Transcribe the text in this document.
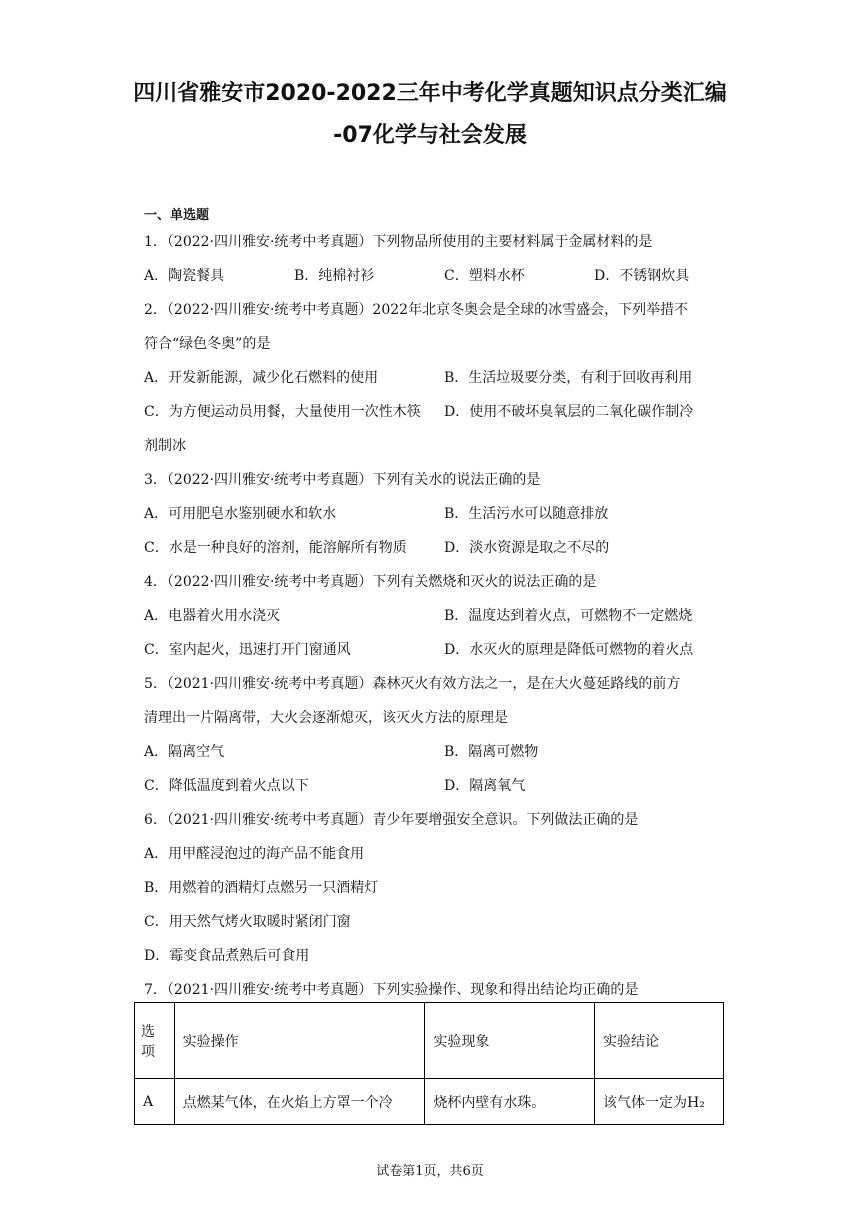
四川省雅安市2020-2022三年中考化学真题知识点分类汇编
-07化学与社会发展
一、单选题
1．（2022·四川雅安·统考中考真题）下列物品所使用的主要材料属于金属材料的是
A．陶瓷餐具	B．纯棉衬衫	C．塑料水杯	D．不锈钢炊具
2．（2022·四川雅安·统考中考真题）2022年北京冬奥会是全球的冰雪盛会，下列举措不
符合“绿色冬奥”的是
A．开发新能源，减少化石燃料的使用	B．生活垃圾要分类，有利于回收再利用
C．为方便运动员用餐，大量使用一次性木筷 D．使用不破坏臭氧层的二氧化碳作制冷
剂制冰
3．（2022·四川雅安·统考中考真题）下列有关水的说法正确的是
A．可用肥皂水鉴别硬水和软水	B．生活污水可以随意排放
C．水是一种良好的溶剂，能溶解所有物质	D．淡水资源是取之不尽的
4．（2022·四川雅安·统考中考真题）下列有关燃烧和灭火的说法正确的是
A．电器着火用水浇灭	B．温度达到着火点，可燃物不一定燃烧
C．室内起火，迅速打开门窗通风	D．水灭火的原理是降低可燃物的着火点
5．（2021·四川雅安·统考中考真题）森林灭火有效方法之一，是在大火蔓延路线的前方
清理出一片隔离带，大火会逐渐熄灭，该灭火方法的原理是
A．隔离空气	B．隔离可燃物
C．降低温度到着火点以下	D．隔离氧气
6．（2021·四川雅安·统考中考真题）青少年要增强安全意识。下列做法正确的是
A．用甲醛浸泡过的海产品不能食用
B．用燃着的酒精灯点燃另一只酒精灯
C．用天然气烤火取暖时紧闭门窗
D．霉变食品煮熟后可食用
7．（2021·四川雅安·统考中考真题）下列实验操作、现象和得出结论均正确的是
选项	实验操作	实验现象	实验结论
A	点燃某气体，在火焰上方罩一个冷	烧杯内壁有水珠。	该气体一定为H₂
试卷第1页，共6页
